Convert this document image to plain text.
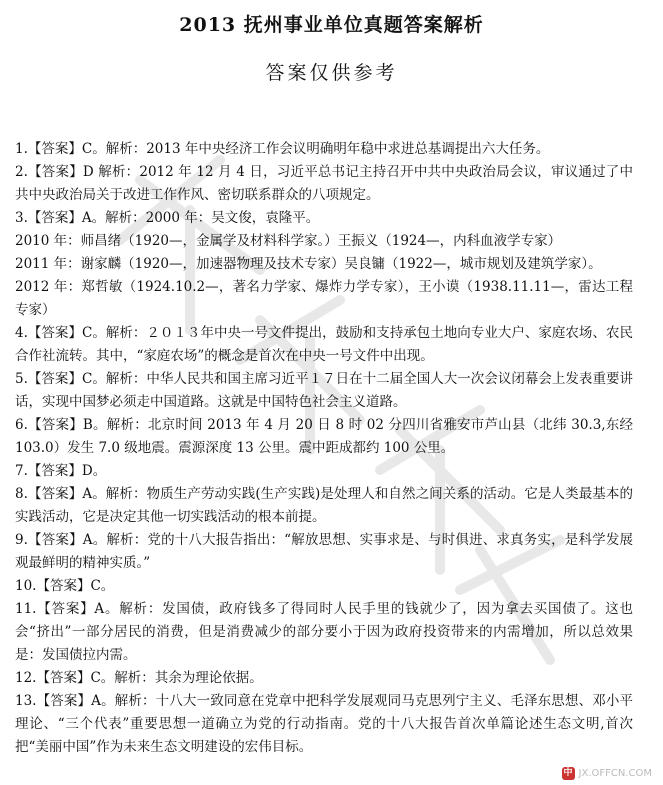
2013 抚州事业单位真题答案解析
答案仅供参考

1.【答案】C。解析：2013 年中央经济工作会议明确明年稳中求进总基调提出六大任务。

2.【答案】D 解析：2012 年 12 月 4 日，习近平总书记主持召开中共中央政治局会议，审议通过了中共中央政治局关于改进工作作风、密切联系群众的八项规定。

3.【答案】A。解析：2000 年：吴文俊，袁隆平。

2010 年：师昌绪（1920—，金属学及材料科学家。）王振义（1924—，内科血液学专家）

2011 年：谢家麟（1920—，加速器物理及技术专家）吴良镛（1922—，城市规划及建筑学家）。

2012 年：郑哲敏（1924.10.2—，著名力学家、爆炸力学专家），王小谟（1938.11.11—，雷达工程专家）

4.【答案】C。解析：２０１３年中央一号文件提出，鼓励和支持承包土地向专业大户、家庭农场、农民合作社流转。其中，“家庭农场”的概念是首次在中央一号文件中出现。

5.【答案】C。解析：中华人民共和国主席习近平１７日在十二届全国人大一次会议闭幕会上发表重要讲话，实现中国梦必须走中国道路。这就是中国特色社会主义道路。

6.【答案】B。解析：北京时间 2013 年 4 月 20 日 8 时 02 分四川省雅安市芦山县（北纬 30.3,东经 103.0）发生 7.0 级地震。震源深度 13 公里。震中距成都约 100 公里。

7.【答案】D。

8.【答案】A。解析：物质生产劳动实践(生产实践)是处理人和自然之间关系的活动。它是人类最基本的实践活动，它是决定其他一切实践活动的根本前提。

9.【答案】A。解析：党的十八大报告指出：“解放思想、实事求是、与时俱进、求真务实，是科学发展观最鲜明的精神实质。”

10.【答案】C。

11.【答案】A。解析：发国债，政府钱多了得同时人民手里的钱就少了，因为拿去买国债了。这也会“挤出”一部分居民的消费，但是消费减少的部分要小于因为政府投资带来的内需增加，所以总效果是：发国债拉内需。

12.【答案】C。解析：其余为理论依据。

13.【答案】A。解析：十八大一致同意在党章中把科学发展观同马克思列宁主义、毛泽东思想、邓小平理论、“三个代表”重要思想一道确立为党的行动指南。党的十八大报告首次单篇论述生态文明,首次把“美丽中国”作为未来生态文明建设的宏伟目标。

中 JX.OFFCN.COM
